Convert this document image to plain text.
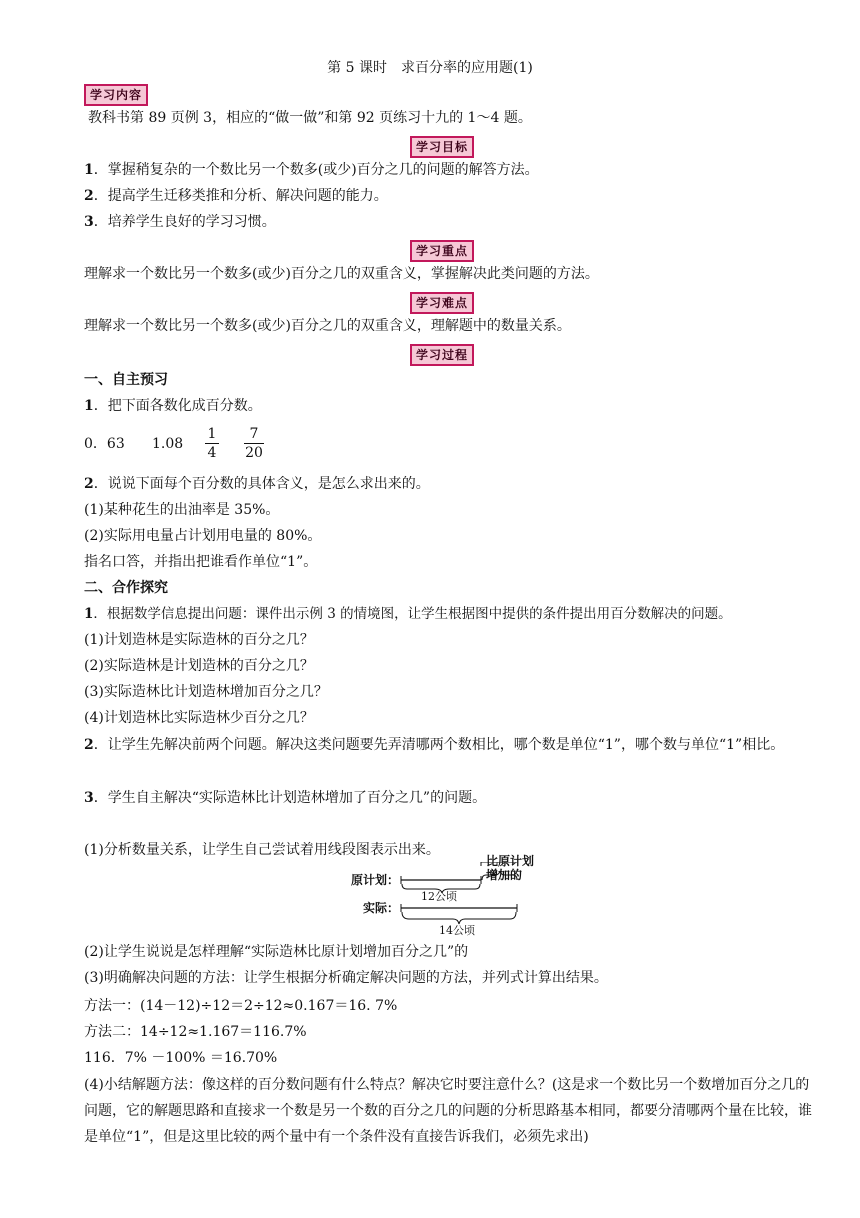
第 5 课时　求百分率的应用题(1)
学习内容
教科书第 89 页例 3，相应的“做一做”和第 92 页练习十九的 1～4 题。
学习目标
1．掌握稍复杂的一个数比另一个数多(或少)百分之几的问题的解答方法。
2．提高学生迁移类推和分析、解决问题的能力。
3．培养学生良好的学习习惯。
学习重点
理解求一个数比另一个数多(或少)百分之几的双重含义，掌握解决此类问题的方法。
学习难点
理解求一个数比另一个数多(或少)百分之几的双重含义，理解题中的数量关系。
学习过程
一、自主预习
1．把下面各数化成百分数。
0．63 1.08
1
4
7
20
2．说说下面每个百分数的具体含义，是怎么求出来的。
(1)某种花生的出油率是 35%。
(2)实际用电量占计划用电量的 80%。
指名口答，并指出把谁看作单位“1”。
二、合作探究
1．根据数学信息提出问题：课件出示例 3 的情境图，让学生根据图中提供的条件提出用百分数解决的问题。
(1)计划造林是实际造林的百分之几？
(2)实际造林是计划造林的百分之几？
(3)实际造林比计划造林增加百分之几？
(4)计划造林比实际造林少百分之几？
2．让学生先解决前两个问题。解决这类问题要先弄清哪两个数相比，哪个数是单位“1”，哪个数与单位“1”相比。
3．学生自主解决“实际造林比计划造林增加了百分之几”的问题。
(1)分析数量关系，让学生自己尝试着用线段图表示出来。
原计划：
实际：
比原计划
增加的
12公顷
14公顷
(2)让学生说说是怎样理解“实际造林比原计划增加百分之几”的
(3)明确解决问题的方法：让学生根据分析确定解决问题的方法，并列式计算出结果。
方法一：(14－12)÷12＝2÷12≈0.167＝16. 7%
方法二：14÷12≈1.167＝116.7%
116．7% －100% ＝16.70%
(4)小结解题方法：像这样的百分数问题有什么特点？解决它时要注意什么？(这是求一个数比另一个数增加百分之几的问题，它的解题思路和直接求一个数是另一个数的百分之几的问题的分析思路基本相同，都要分清哪两个量在比较，谁是单位“1”，但是这里比较的两个量中有一个条件没有直接告诉我们，必须先求出)
